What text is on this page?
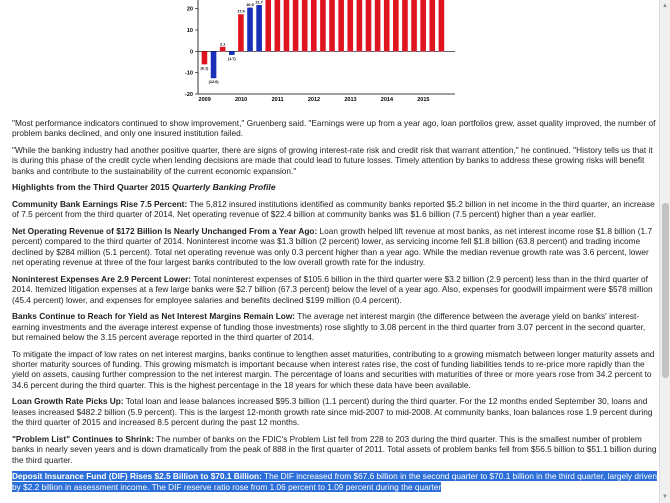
20
10
0
-10
-20
(6.1)
(12.6)
2.1
(1.7)
17.4
20.5
21.7
2009	2010	2011	2012	2013	2014	2015

"Most performance indicators continued to show improvement," Gruenberg said. "Earnings were up from a year ago, loan portfolios grew, asset quality improved, the number of problem banks declined, and only one insured institution failed.

"While the banking industry had another positive quarter, there are signs of growing interest-rate risk and credit risk that warrant attention," he continued. "History tells us that it is during this phase of the credit cycle when lending decisions are made that could lead to future losses. Timely attention by banks to address these growing risks will benefit banks and contribute to the sustainability of the current economic expansion."

Highlights from the Third Quarter 2015 Quarterly Banking Profile

Community Bank Earnings Rise 7.5 Percent: The 5,812 insured institutions identified as community banks reported $5.2 billion in net income in the third quarter, an increase of 7.5 percent from the third quarter of 2014. Net operating revenue of $22.4 billion at community banks was $1.6 billion (7.5 percent) higher than a year earlier.

Net Operating Revenue of $172 Billion Is Nearly Unchanged From a Year Ago: Loan growth helped lift revenue at most banks, as net interest income rose $1.8 billion (1.7 percent) compared to the third quarter of 2014. Noninterest income was $1.3 billion (2 percent) lower, as servicing income fell $1.8 billion (63.8 percent) and trading income declined by $284 million (5.1 percent). Total net operating revenue was only 0.3 percent higher than a year ago. While the median revenue growth rate was 3.6 percent, lower net operating revenue at three of the four largest banks contributed to the low overall growth rate for the industry.

Noninterest Expenses Are 2.9 Percent Lower: Total noninterest expenses of $105.6 billion in the third quarter were $3.2 billion (2.9 percent) less than in the third quarter of 2014. Itemized litigation expenses at a few large banks were $2.7 billion (67.3 percent) below the level of a year ago. Also, expenses for goodwill impairment were $578 million (45.4 percent) lower, and expenses for employee salaries and benefits declined $199 million (0.4 percent).

Banks Continue to Reach for Yield as Net Interest Margins Remain Low: The average net interest margin (the difference between the average yield on banks' interest-earning investments and the average interest expense of funding those investments) rose slightly to 3.08 percent in the third quarter from 3.07 percent in the second quarter, but remained below the 3.15 percent average reported in the third quarter of 2014.

To mitigate the impact of low rates on net interest margins, banks continue to lengthen asset maturities, contributing to a growing mismatch between longer maturity assets and shorter maturity sources of funding. This growing mismatch is important because when interest rates rise, the cost of funding liabilities tends to re-price more rapidly than the yield on assets, causing further compression to the net interest margin. The percentage of loans and securities with maturities of three or more years rose from 34.2 percent to 34.6 percent during the third quarter. This is the highest percentage in the 18 years for which these data have been available.

Loan Growth Rate Picks Up: Total loan and lease balances increased $95.3 billion (1.1 percent) during the third quarter. For the 12 months ended September 30, loans and leases increased $482.2 billion (5.9 percent). This is the largest 12-month growth rate since mid-2007 to mid-2008. At community banks, loan balances rose 1.9 percent during the third quarter of 2015 and increased 8.5 percent during the past 12 months.

"Problem List" Continues to Shrink: The number of banks on the FDIC's Problem List fell from 228 to 203 during the third quarter. This is the smallest number of problem banks in nearly seven years and is down dramatically from the peak of 888 in the first quarter of 2011. Total assets of problem banks fell from $56.5 billion to $51.1 billion during the third quarter.

Deposit Insurance Fund (DIF) Rises $2.5 Billion to $70.1 Billion: The DIF increased from $67.6 billion in the second quarter to $70.1 billion in the third quarter, largely driven by $2.2 billion in assessment income. The DIF reserve ratio rose from 1.06 percent to 1.09 percent during the quarter

▲
▼
